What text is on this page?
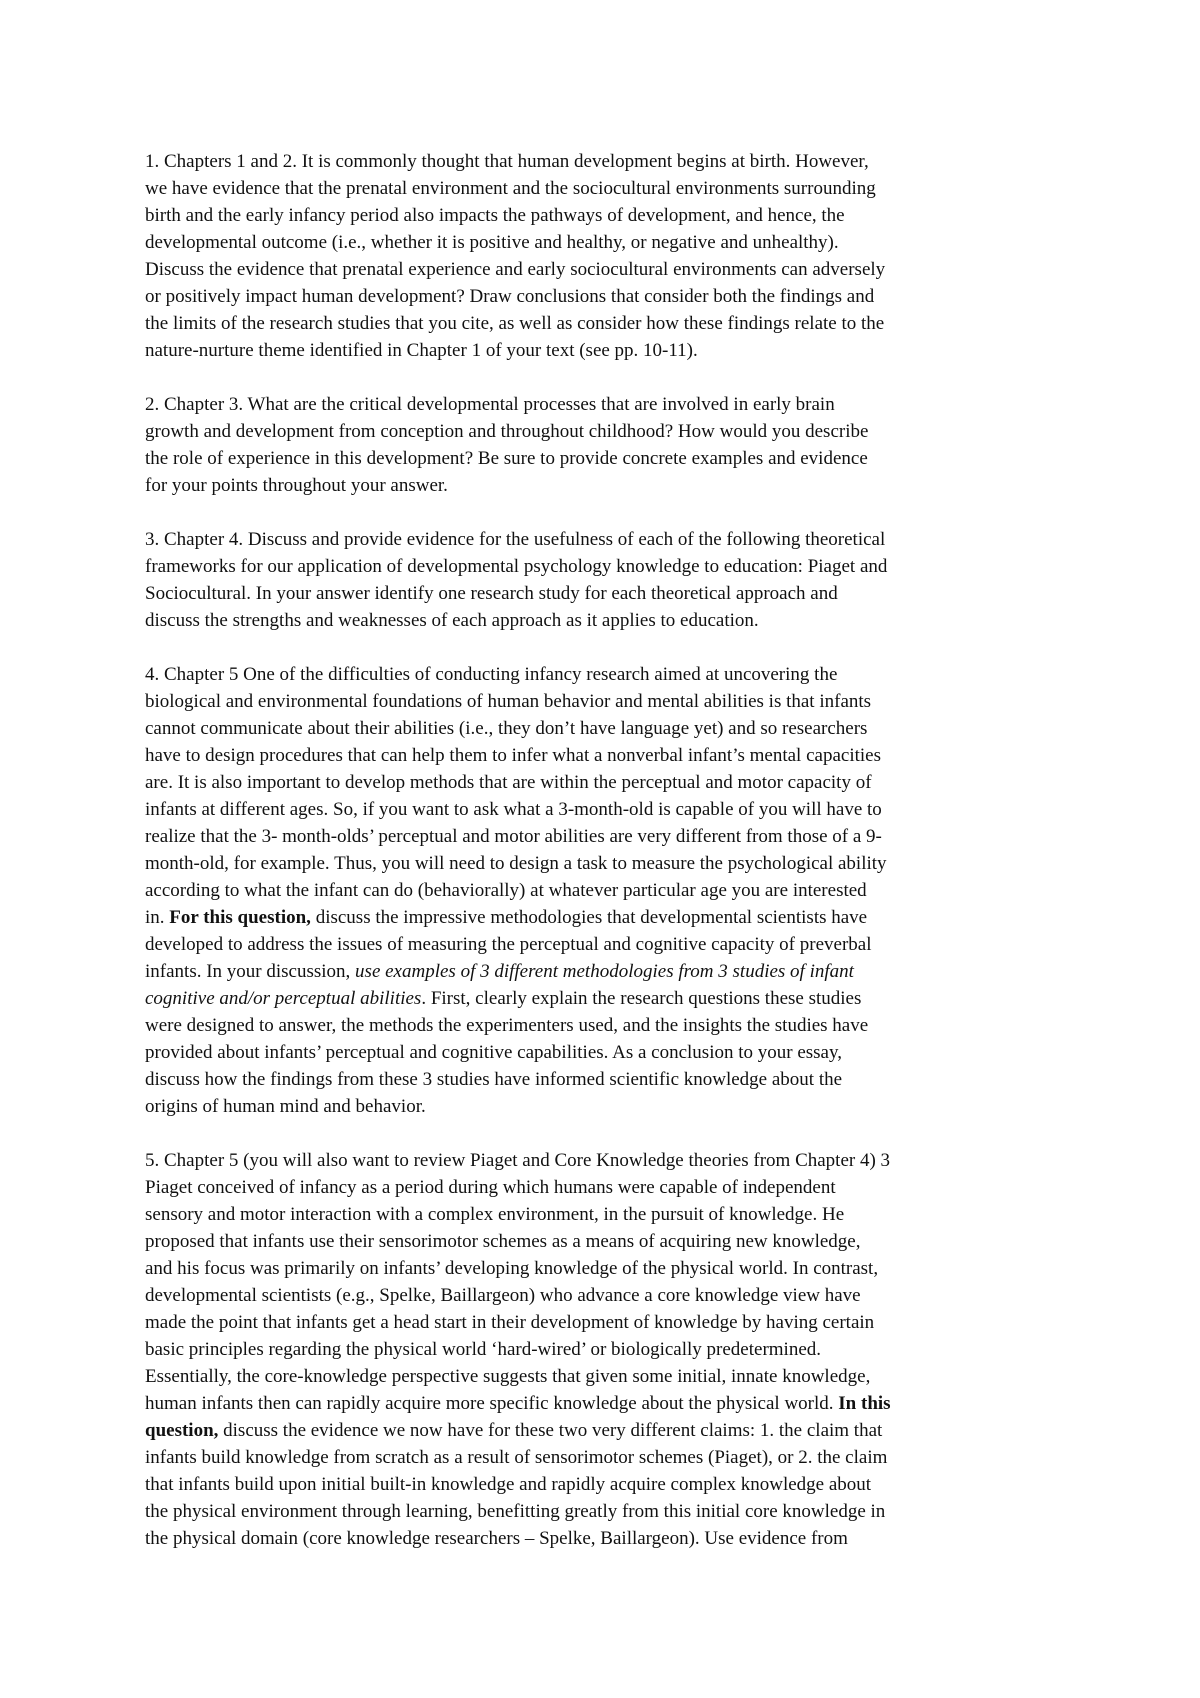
1. Chapters 1 and 2. It is commonly thought that human development begins at birth. However,
we have evidence that the prenatal environment and the sociocultural environments surrounding
birth and the early infancy period also impacts the pathways of development, and hence, the
developmental outcome (i.e., whether it is positive and healthy, or negative and unhealthy).
Discuss the evidence that prenatal experience and early sociocultural environments can adversely
or positively impact human development? Draw conclusions that consider both the findings and
the limits of the research studies that you cite, as well as consider how these findings relate to the
nature-nurture theme identified in Chapter 1 of your text (see pp. 10-11).

2. Chapter 3. What are the critical developmental processes that are involved in early brain
growth and development from conception and throughout childhood? How would you describe
the role of experience in this development? Be sure to provide concrete examples and evidence
for your points throughout your answer.

3. Chapter 4. Discuss and provide evidence for the usefulness of each of the following theoretical
frameworks for our application of developmental psychology knowledge to education: Piaget and
Sociocultural. In your answer identify one research study for each theoretical approach and
discuss the strengths and weaknesses of each approach as it applies to education.

4. Chapter 5 One of the difficulties of conducting infancy research aimed at uncovering the
biological and environmental foundations of human behavior and mental abilities is that infants
cannot communicate about their abilities (i.e., they don’t have language yet) and so researchers
have to design procedures that can help them to infer what a nonverbal infant’s mental capacities
are. It is also important to develop methods that are within the perceptual and motor capacity of
infants at different ages. So, if you want to ask what a 3-month-old is capable of you will have to
realize that the 3- month-olds’ perceptual and motor abilities are very different from those of a 9-
month-old, for example. Thus, you will need to design a task to measure the psychological ability
according to what the infant can do (behaviorally) at whatever particular age you are interested
in. For this question, discuss the impressive methodologies that developmental scientists have
developed to address the issues of measuring the perceptual and cognitive capacity of preverbal
infants. In your discussion, use examples of 3 different methodologies from 3 studies of infant
cognitive and/or perceptual abilities. First, clearly explain the research questions these studies
were designed to answer, the methods the experimenters used, and the insights the studies have
provided about infants’ perceptual and cognitive capabilities. As a conclusion to your essay,
discuss how the findings from these 3 studies have informed scientific knowledge about the
origins of human mind and behavior.

5. Chapter 5 (you will also want to review Piaget and Core Knowledge theories from Chapter 4) 3
Piaget conceived of infancy as a period during which humans were capable of independent
sensory and motor interaction with a complex environment, in the pursuit of knowledge. He
proposed that infants use their sensorimotor schemes as a means of acquiring new knowledge,
and his focus was primarily on infants’ developing knowledge of the physical world. In contrast,
developmental scientists (e.g., Spelke, Baillargeon) who advance a core knowledge view have
made the point that infants get a head start in their development of knowledge by having certain
basic principles regarding the physical world ‘hard-wired’ or biologically predetermined.
Essentially, the core-knowledge perspective suggests that given some initial, innate knowledge,
human infants then can rapidly acquire more specific knowledge about the physical world. In this
question, discuss the evidence we now have for these two very different claims: 1. the claim that
infants build knowledge from scratch as a result of sensorimotor schemes (Piaget), or 2. the claim
that infants build upon initial built-in knowledge and rapidly acquire complex knowledge about
the physical environment through learning, benefitting greatly from this initial core knowledge in
the physical domain (core knowledge researchers – Spelke, Baillargeon). Use evidence from
